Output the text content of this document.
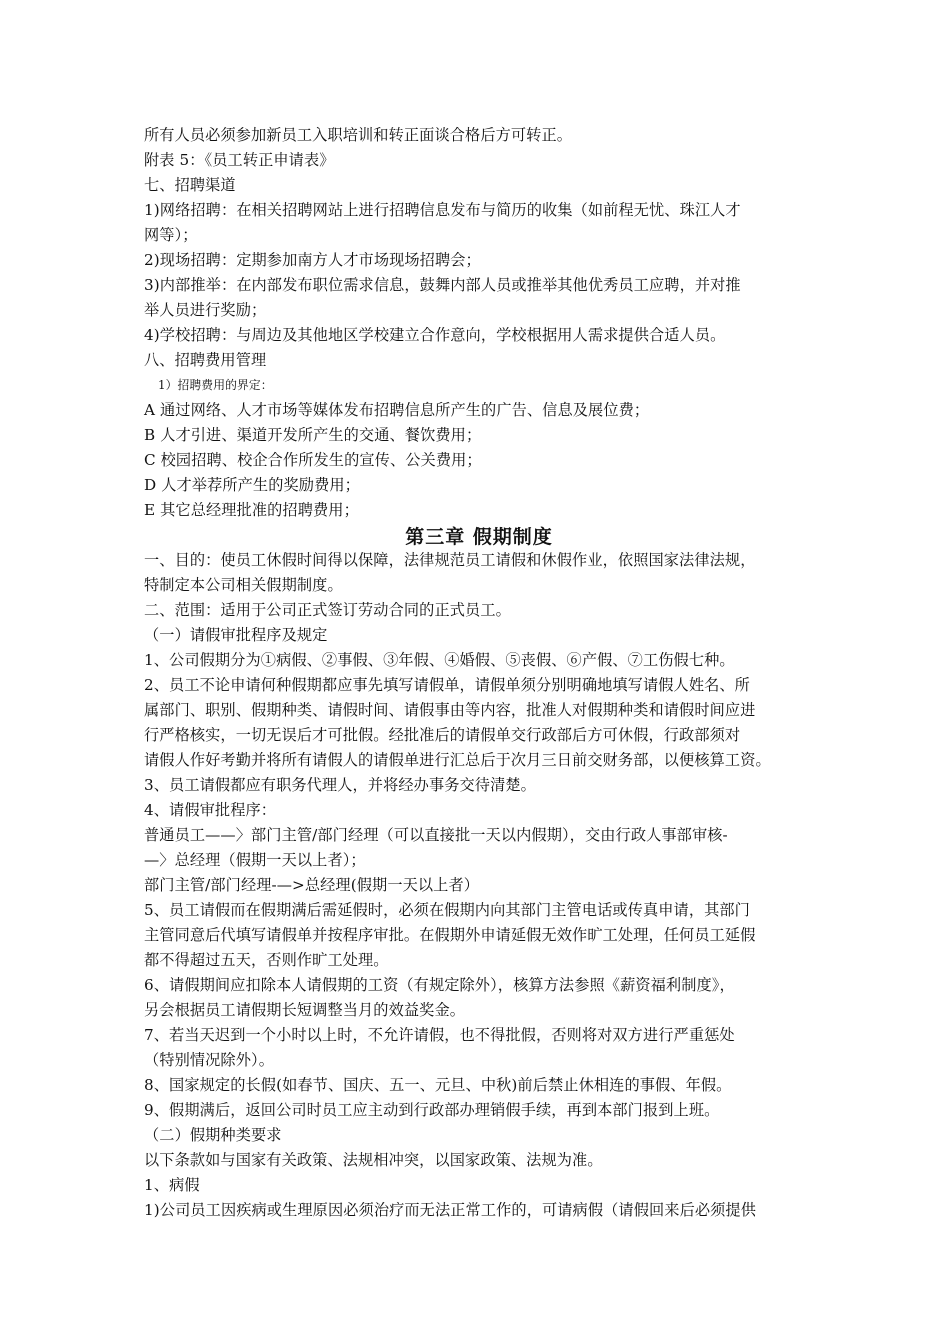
所有人员必须参加新员工入职培训和转正面谈合格后方可转正。

附表 5：《员工转正申请表》

七、招聘渠道

1)网络招聘：在相关招聘网站上进行招聘信息发布与简历的收集（如前程无忧、珠江人才

网等）；

2)现场招聘：定期参加南方人才市场现场招聘会；

3)内部推举：在内部发布职位需求信息，鼓舞内部人员或推举其他优秀员工应聘，并对推

举人员进行奖励；

4)学校招聘：与周边及其他地区学校建立合作意向，学校根据用人需求提供合适人员。

八、招聘费用管理

1）招聘费用的界定：

A 通过网络、人才市场等媒体发布招聘信息所产生的广告、信息及展位费；

B 人才引进、渠道开发所产生的交通、餐饮费用；

C 校园招聘、校企合作所发生的宣传、公关费用；

D 人才举荐所产生的奖励费用；

E 其它总经理批准的招聘费用；

第三章 假期制度

一、目的：使员工休假时间得以保障，法律规范员工请假和休假作业，依照国家法律法规，

特制定本公司相关假期制度。

二、范围：适用于公司正式签订劳动合同的正式员工。

（一）请假审批程序及规定

1、公司假期分为①病假、②事假、③年假、④婚假、⑤丧假、⑥产假、⑦工伤假七种。

2、员工不论申请何种假期都应事先填写请假单，请假单须分别明确地填写请假人姓名、所

属部门、职别、假期种类、请假时间、请假事由等内容，批准人对假期种类和请假时间应进

行严格核实，一切无误后才可批假。经批准后的请假单交行政部后方可休假，行政部须对

请假人作好考勤并将所有请假人的请假单进行汇总后于次月三日前交财务部，以便核算工资。

3、员工请假都应有职务代理人，并将经办事务交待清楚。

4、请假审批程序：

普通员工——〉部门主管/部门经理（可以直接批一天以内假期），交由行政人事部审核-

—〉总经理（假期一天以上者）；

部门主管/部门经理-—>总经理(假期一天以上者）

5、员工请假而在假期满后需延假时，必须在假期内向其部门主管电话或传真申请，其部门

主管同意后代填写请假单并按程序审批。在假期外申请延假无效作旷工处理，任何员工延假

都不得超过五天，否则作旷工处理。

6、请假期间应扣除本人请假期的工资（有规定除外），核算方法参照《薪资福利制度》，

另会根据员工请假期长短调整当月的效益奖金。

7、若当天迟到一个小时以上时，不允许请假，也不得批假，否则将对双方进行严重惩处

（特别情况除外）。

8、国家规定的长假(如春节、国庆、五一、元旦、中秋)前后禁止休相连的事假、年假。

9、假期满后，返回公司时员工应主动到行政部办理销假手续，再到本部门报到上班。

（二）假期种类要求

以下条款如与国家有关政策、法规相冲突，以国家政策、法规为准。

1、病假

1)公司员工因疾病或生理原因必须治疗而无法正常工作的，可请病假（请假回来后必须提供
